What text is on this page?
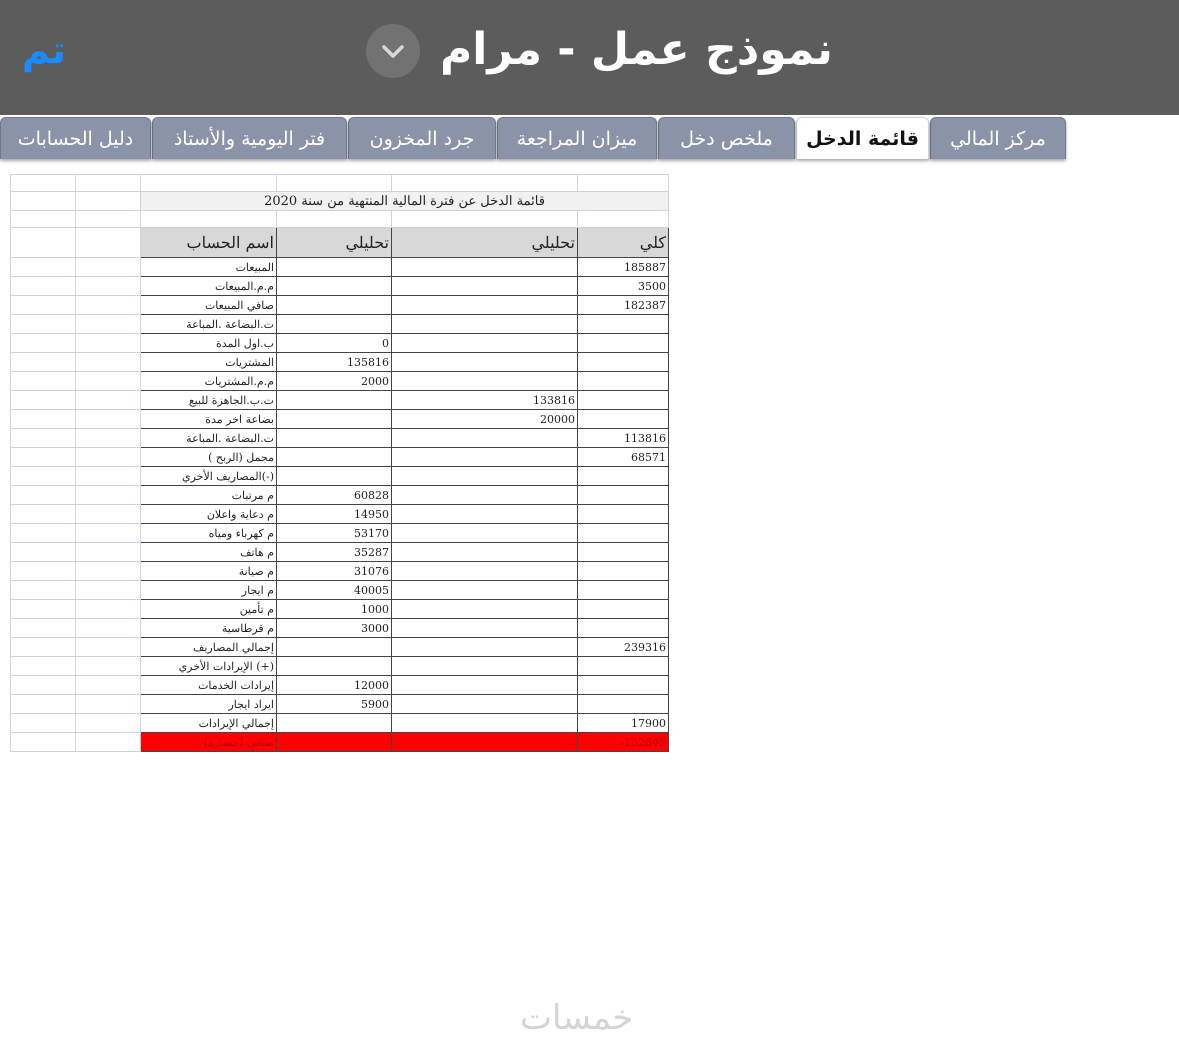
تم	نموذج عمل - مرام
مركز المالي
قائمة الدخل
ملخص دخل
ميزان المراجعة
جرد المخزون
فتر اليومية والأستاذ
دليل الحسابات

		قائمة الدخل عن فترة المالية المنتهية من سنة 2020			

		اسم الحساب	تحليلي	تحليلي	كلي
		المبيعات			185887
		م.م.المبيعات			3500
		صافي المبيعات			182387
		ت.البضاعة .المباعة			
		ب.اول المدة	0		
		المشتريات	135816		
		م.م.المشتريات	2000		
		ت.ب.الجاهزة للبيع		133816	
		بضاعة اخر مدة		20000	
		ت.البضاعة .المباعة			113816
		مجمل (الربح )			68571
		(-)المصاريف الأخري			
		م مرتبات	60828		
		م دعاية واعلان	14950		
		م كهرباء ومياه	53170		
		م هاتف	35287		
		م صيانة	31076		
		م ايجار	40005		
		م تأمين	1000		
		م قرطاسية	3000		
		إجمالي المصاريف			239316
		(+) الإيرادات الأخري			
		إيرادات الخدمات	12000		
		ايراد ايجار	5900		
		إجمالي الإيرادات			17900
		صافي (خسارة)			-152845
خمسات
